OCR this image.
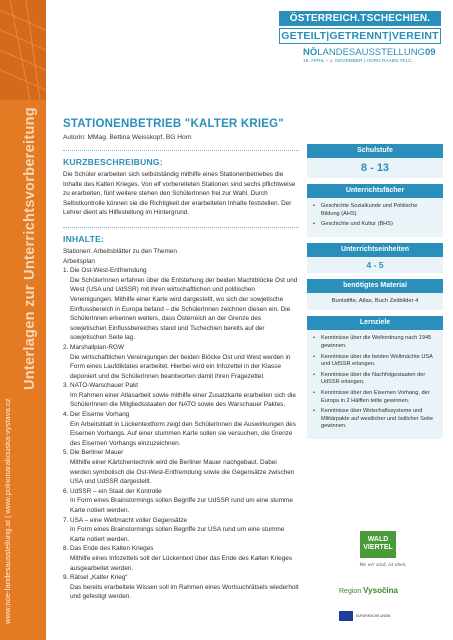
www.noe-landesausstellung.at | www.polnonarakouska-vystava.cz
Unterlagen zur Unterrichtsvorbereitung
ÖSTERREICH.TSCHECHIEN.
GETEILT|GETRENNT|VEREINT
NÖLANDESAUSSTELLUNG09
18. APRIL – 1. NOVEMBER | HORN.RAABS.TELČ.
STATIONENBETRIEB "KALTER KRIEG"
Autorin: MMag. Bettina Weisskopf, BG Horn
KURZBESCHREIBUNG:
Die Schüler erarbeiten sich selbstständig mithilfe eines Stationenbetriebes die Inhalte des Kalten Krieges. Von elf vorbereiteten Stationen sind sechs pflichtweise zu erarbeiten, fünf weitere stehen den SchülerInnen frei zur Wahl. Durch Selbstkontrolle können sie die Richtigkeit der erarbeiteten Inhalte feststellen. Der Lehrer dient als Hilfestellung im Hintergrund.
INHALTE:
Stationen: Arbeitsblätter zu den Themen
Arbeitsplan
1. Die Ost-West-Entfremdung
Die SchülerInnen erfahren über die Entstehung der beiden Machtblöcke Ost und West (USA und UdSSR) mit ihren wirtschaftlichen und politischen Vereinigungen. Mithilfe einer Karte wird dargestellt, wo sich der sowjetische Einflussbereich in Europa befand – die SchülerInnen zeichnen diesen ein. Die SchülerInnen erkennen weiters, dass Österreich an der Grenze des sowjetischen Einflussbereiches stand und Tschechien bereits auf der sowjetischen Seite lag.
2. Marshallplan-RGW
Die wirtschaftlichen Vereinigungen der beiden Blöcke Ost und West werden in Form eines Laufdiktates erarbeitet. Hierbei wird ein Infozettel in der Klasse deponiert und die SchülerInnen beantworten damit ihren Fragezettel.
3. NATO-Warschauer Pakt
Im Rahmen einer Atlasarbeit sowie mithilfe einer Zusatzkarte erarbeiten sich die SchülerInnen die Mitgliedsstaaten der NATO sowie des Warschauer Paktes.
4. Der Eiserne Vorhang
Ein Arbeitsblatt in Lückentextform zeigt den SchülerInnen die Auswirkungen des Eisernen Vorhangs. Auf einer stummen Karte sollen sie versuchen, die Grenze des Eisernen Vorhangs einzuzeichnen.
5. Die Berliner Mauer
Mithilfe einer Kärtchentechnik wird die Berliner Mauer nachgebaut. Dabei werden symbolisch die Ost-West-Entfremdung sowie die Gegensätze zwischen USA und UdSSR dargestellt.
6. UdSSR – ein Staat der Kontrolle
In Form eines Brainstormings sollen Begriffe zur UdSSR rund um eine stumme Karte notiert werden.
7. USA – eine Weltmacht voller Gegensätze
In Form eines Brainstormings sollen Begriffe zur USA rund um eine stumme Karte notiert werden.
8. Das Ende des Kalten Krieges
Mithilfe eines Infozettels soll der Lückentext über das Ende des Kalten Krieges ausgearbeitet werden.
9. Rätsel „Kalter Krieg“
Das bereits erarbeitete Wissen soll im Rahmen eines Wortsuchrätsels wiederholt und gefestigt werden.
Schulstufe
8 - 13
Unterrichtsfächer
•	Geschichte Sozialkunde und Politische Bildung (AHS)
•	Geschichte und Kultur (BHS)
Unterrichtseinheiten
4 - 5
benötigtes Material
Buntstifte, Atlas, Buch Zeitbilder 4
Lernziele
•	Kenntnisse über die Weltordnung nach 1945 gewinnen.
•	Kenntnisse über die beiden Weltmächte USA und UdSSR erlangen.
•	Kenntnisse über die Nachfolgestaaten der UdSSR erlangen.
•	Kenntnisse über den Eisernen Vorhang, der Europa in 2 Hälften teilte gewinnen.
•	Kenntnisse über Wirtschaftssysteme und Militärpakte auf westlicher und östlicher Seite gewinnen.
WALD
VIERTEL
Wo wir sind, ist oben.
Region Vysočina
EUROPÄISCHE UNION
